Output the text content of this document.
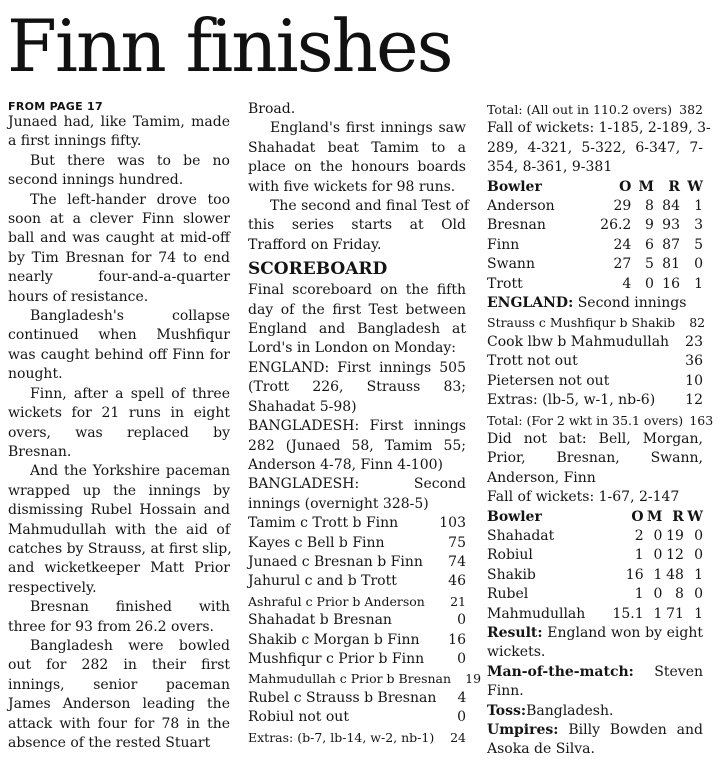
Finn finishes

FROM PAGE 17

Junaed had, like Tamim, made

a first innings fifty.

But there was to be no

second innings hundred.

The left-hander drove too

soon at a clever Finn slower

ball and was caught at mid-off

by Tim Bresnan for 74 to end

nearly four-and-a-quarter

hours of resistance.

Bangladesh's collapse

continued when Mushfiqur

was caught behind off Finn for

nought.

Finn, after a spell of three

wickets for 21 runs in eight

overs, was replaced by

Bresnan.

And the Yorkshire paceman

wrapped up the innings by

dismissing Rubel Hossain and

Mahmudullah with the aid of

catches by Strauss, at first slip,

and wicketkeeper Matt Prior

respectively.

Bresnan finished with

three for 93 from 26.2 overs.

Bangladesh were bowled

out for 282 in their first

innings, senior paceman

James Anderson leading the

attack with four for 78 in the

absence of the rested Stuart

Broad.

England's first innings saw

Shahadat beat Tamim to a

place on the honours boards

with five wickets for 98 runs.

The second and final Test of

this series starts at Old

Trafford on Friday.

SCOREBOARD

Final scoreboard on the fifth

day of the first Test between

England and Bangladesh at

Lord's in London on Monday:

ENGLAND: First innings 505

(Trott 226, Strauss 83;

Shahadat 5-98)

BANGLADESH: First innings

282 (Junaed 58, Tamim 55;

Anderson 4-78, Finn 4-100)

BANGLADESH: Second

innings (overnight 328-5)

Tamim c Trott b Finn	103
Kayes c Bell b Finn	75
Junaed c Bresnan b Finn	74
Jahurul c and b Trott	46
Ashraful c Prior b Anderson	21
Shahadat b Bresnan	0
Shakib c Morgan b Finn	16
Mushfiqur c Prior b Finn	0
Mahmudullah c Prior b Bresnan	19
Rubel c Strauss b Bresnan	4
Robiul not out	0
Extras: (b-7, lb-14, w-2, nb-1)	24
Total: (All out in 110.2 overs) 382

Fall of wickets: 1-185, 2-189, 3-

289, 4-321, 5-322, 6-347, 7-

354, 8-361, 9-381

Bowler	O	M	R	W
Anderson	29	8	84	1
Bresnan	26.2	9	93	3
Finn	24	6	87	5
Swann	27	5	81	0
Trott	4	0	16	1

ENGLAND: Second innings

Strauss c Mushfiqur b Shakib	82
Cook lbw b Mahmudullah	23
Trott not out	36
Pietersen not out	10
Extras: (lb-5, w-1, nb-6)	12
Total: (For 2 wkt in 35.1 overs) 163

Did not bat: Bell, Morgan,

Prior, Bresnan, Swann,

Anderson, Finn

Fall of wickets: 1-67, 2-147

Bowler	O	M	R	W
Shahadat	2	0	19	0
Robiul	1	0	12	0
Shakib	16	1	48	1
Rubel	1	0	8	0
Mahmudullah	15.1	1	71	1

Result: England won by eight

wickets.

Man-of-the-match: Steven

Finn.

Toss:Bangladesh.

Umpires: Billy Bowden and

Asoka de Silva.
